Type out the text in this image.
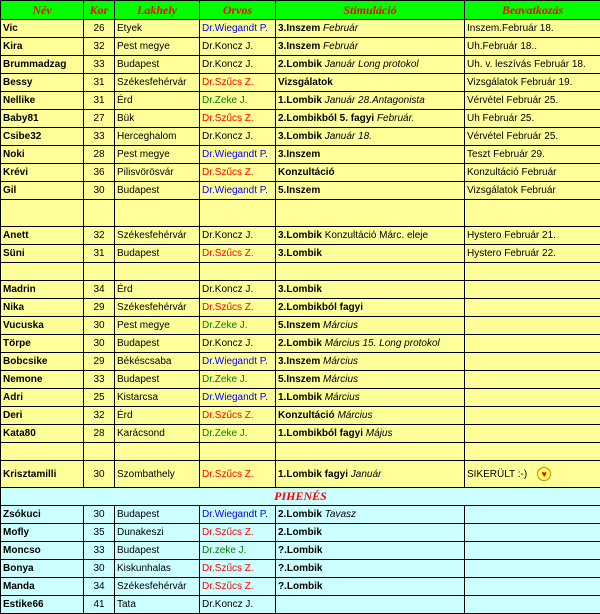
Név	Kor	Lakhely	Orvos	Stimuláció	Beavatkozás
Vic	26	Etyek	Dr.Wiegandt P.	3.Inszem Február	Inszem.Február 18.
Kira	32	Pest megye	Dr.Koncz J.	3.Inszem Február	Uh.Február 18..
Brummadzag	33	Budapest	Dr.Koncz J.	2.Lombik Január Long protokol	Uh. v. leszívás Február 18.
Bessy	31	Székesfehérvár	Dr.Szűcs Z.	Vizsgálatok	Vizsgálatok Február 19.
Nellike	31	Érd	Dr.Zeke J.	1.Lombik Január 28.Antagonista	Vérvétel Február 25.
Baby81	27	Bük	Dr.Szűcs Z.	2.Lombikból 5. fagyi Február.	Uh Február 25.
Csibe32	33	Herceghalom	Dr.Koncz J.	3.Lombik Január 18.	Vérvétel Február 25.
Noki	28	Pest megye	Dr.Wiegandt P.	3.Inszem	Teszt Február 29.
Krévi	36	Pilisvörösvár	Dr.Szűcs Z.	Konzultáció	Konzultáció Február
Gil	30	Budapest	Dr.Wiegandt P.	5.Inszem	Vizsgálatok Február

Anett	32	Székesfehérvár	Dr.Koncz J.	3.Lombik Konzultáció Márc. eleje	Hystero Február 21.
Süni	31	Budapest	Dr.Szűcs Z.	3.Lombik	Hystero Február 22.

Madrin	34	Érd	Dr.Koncz J.	3.Lombik	
Nika	29	Székesfehérvár	Dr.Szűcs Z.	2.Lombikból fagyi	
Vucuska	30	Pest megye	Dr.Zeke J.	5.Inszem Március	
Törpe	30	Budapest	Dr.Koncz J.	2.Lombik Március 15. Long protokol	
Bobcsike	29	Békéscsaba	Dr.Wiegandt P.	3.Inszem Március	
Nemone	33	Budapest	Dr.Zeke J.	5.Inszem Március	
Adri	25	Kistarcsa	Dr.Wiegandt P.	1.Lombik Március	
Deri	32	Érd	Dr.Szűcs Z.	Konzultáció Március	
Kata80	28	Karácsond	Dr.Zeke J.	1.Lombikból fagyi Május	

Krisztamilli	30	Szombathely	Dr.Szűcs Z.	1.Lombik fagyi Január	SIKERÜLT :-) ♥
PIHENÉS					
Zsókuci	30	Budapest	Dr.Wiegandt P.	2.Lombik Tavasz	
Mofly	35	Dunakeszi	Dr.Szűcs Z.	2.Lombik	
Moncso	33	Budapest	Dr.zeke J.	?.Lombik	
Bonya	30	Kiskunhalas	Dr.Szűcs Z.	?.Lombik	
Manda	34	Székesfehérvár	Dr.Szűcs Z.	?.Lombik	
Estike66	41	Tata	Dr.Koncz J.		
